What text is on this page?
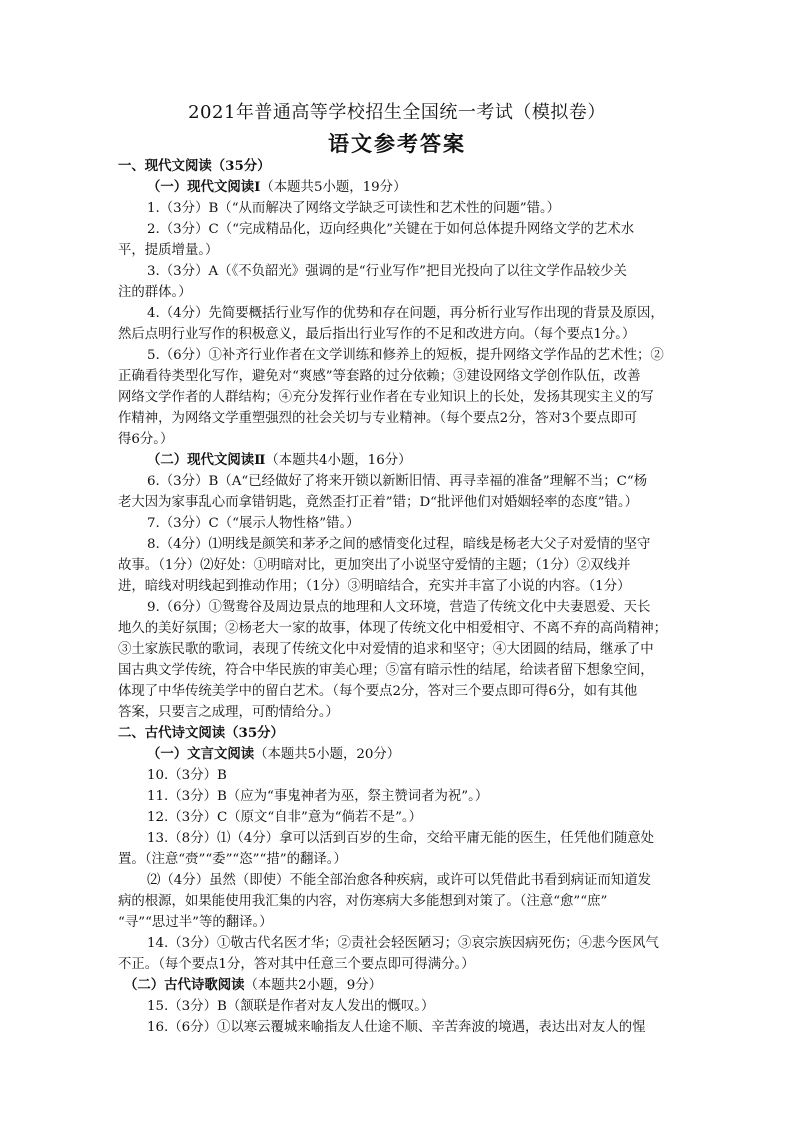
2021年普通高等学校招生全国统一考试（模拟卷）
语文参考答案
一、现代文阅读（35分）
（一）现代文阅读Ⅰ（本题共5小题，19分）
1.（3分）B（“从而解决了网络文学缺乏可读性和艺术性的问题”错。）
2.（3分）C（“完成精品化，迈向经典化”关键在于如何总体提升网络文学的艺术水
平，提质增量。）
3.（3分）A（《不负韶光》强调的是“行业写作”把目光投向了以往文学作品较少关
注的群体。）
4.（4分）先简要概括行业写作的优势和存在问题，再分析行业写作出现的背景及原因，
然后点明行业写作的积极意义，最后指出行业写作的不足和改进方向。（每个要点1分。）
5.（6分）①补齐行业作者在文学训练和修养上的短板，提升网络文学作品的艺术性；②
正确看待类型化写作，避免对“爽感”等套路的过分依赖；③建设网络文学创作队伍，改善
网络文学作者的人群结构；④充分发挥行业作者在专业知识上的长处，发扬其现实主义的写
作精神，为网络文学重塑强烈的社会关切与专业精神。（每个要点2分，答对3个要点即可
得6分。）
（二）现代文阅读Ⅱ（本题共4小题，16分）
6.（3分）B（A“已经做好了将来开锁以新断旧情、再寻幸福的准备”理解不当；C“杨
老大因为家事乱心而拿错钥匙，竟然歪打正着”错；D“批评他们对婚姻轻率的态度”错。）
7.（3分）C（“展示人物性格”错。）
8.（4分）⑴明线是颜笑和茅矛之间的感情变化过程，暗线是杨老大父子对爱情的坚守
故事。（1分）⑵好处：①明暗对比，更加突出了小说坚守爱情的主题；（1分）②双线并
进，暗线对明线起到推动作用；（1分）③明暗结合，充实并丰富了小说的内容。（1分）
9.（6分）①鸳鸯谷及周边景点的地理和人文环境，营造了传统文化中夫妻恩爱、天长
地久的美好氛围；②杨老大一家的故事，体现了传统文化中相爱相守、不离不弃的高尚精神；
③土家族民歌的歌词，表现了传统文化中对爱情的追求和坚守；④大团圆的结局，继承了中
国古典文学传统，符合中华民族的审美心理；⑤富有暗示性的结尾，给读者留下想象空间，
体现了中华传统美学中的留白艺术。（每个要点2分，答对三个要点即可得6分，如有其他
答案，只要言之成理，可酌情给分。）
二、古代诗文阅读（35分）
（一）文言文阅读（本题共5小题，20分）
10.（3分）B
11.（3分）B（应为“事鬼神者为巫，祭主赞词者为祝”。）
12.（3分）C（原文“自非”意为“倘若不是”。）
13.（8分）⑴（4分）拿可以活到百岁的生命，交给平庸无能的医生，任凭他们随意处
置。（注意“赍”“委”“恣”“措”的翻译。）
⑵（4分）虽然（即使）不能全部治愈各种疾病，或许可以凭借此书看到病证而知道发
病的根源，如果能使用我汇集的内容，对伤寒病大多能想到对策了。（注意“愈”“庶”
“寻”“思过半”等的翻译。）
14.（3分）①敬古代名医才华；②责社会轻医陋习；③哀宗族因病死伤；④悲今医风气
不正。（每个要点1分，答对其中任意三个要点即可得满分。）
（二）古代诗歌阅读（本题共2小题，9分）
15.（3分）B（颔联是作者对友人发出的慨叹。）
16.（6分）①以寒云覆城来喻指友人仕途不顺、辛苦奔波的境遇，表达出对友人的惺
